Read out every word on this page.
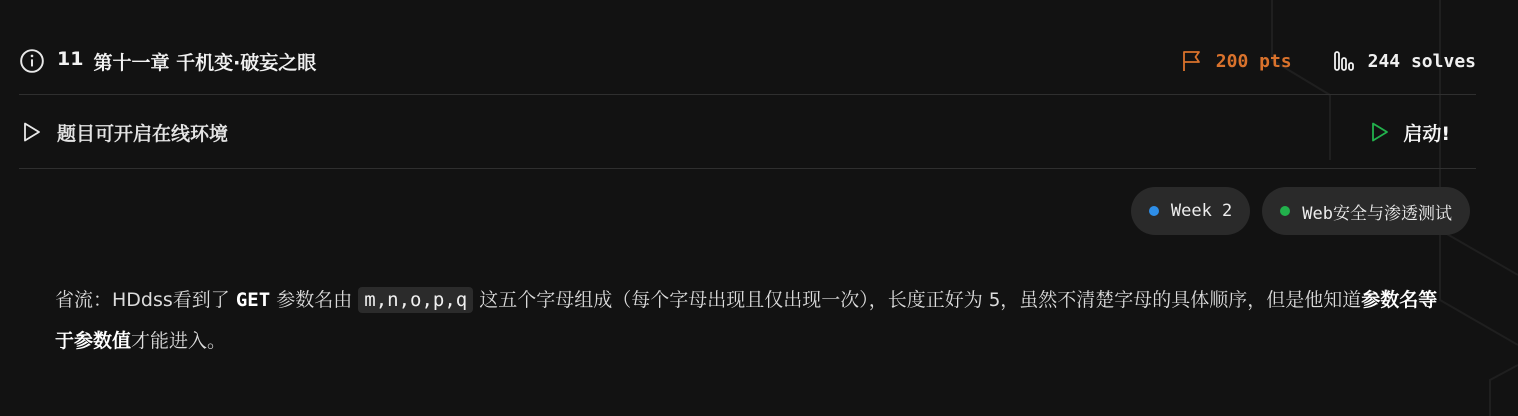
11 第十一章 千机变·破妄之眼	200 pts	244 solves
题目可开启在线环境	启动!
Week 2	Web安全与渗透测试
省流：HDdss看到了 GET 参数名由 m,n,o,p,q 这五个字母组成（每个字母出现且仅出现一次），长度正好为 5，虽然不清楚字母的具体顺序，但是他知道参数名等于参数值才能进入。
